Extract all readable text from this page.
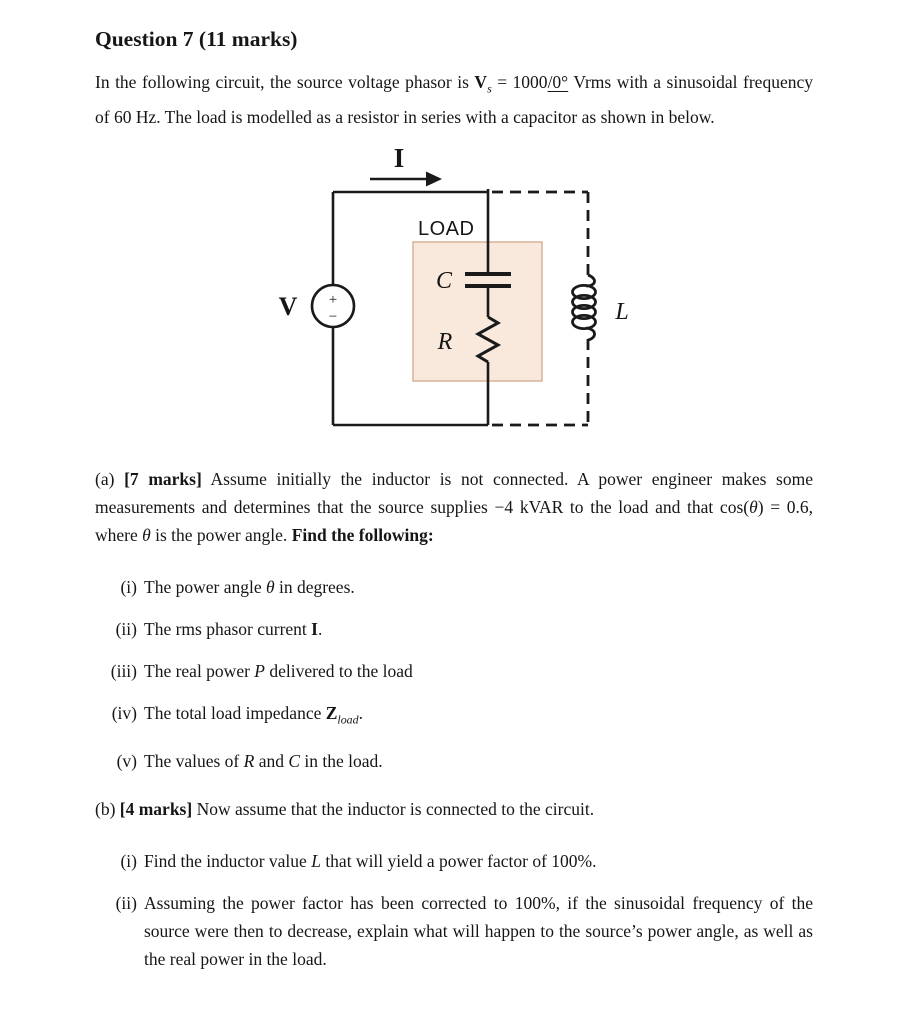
Question 7 (11 marks)

In the following circuit, the source voltage phasor is $V_s = 1000/0^\circ$ Vrms with a sinusoidal frequency of 60 Hz. The load is modelled as a resistor in series with a capacitor as shown in below.

I
+
−
V
LOAD
C
R
L

(a) [7 marks] Assume initially the inductor is not connected. A power engineer makes some measurements and determines that the source supplies −4 kVAR to the load and that cos(θ) = 0.6, where θ is the power angle. Find the following:

(i) The power angle θ in degrees.
(ii) The rms phasor current I.
(iii) The real power P delivered to the load
(iv) The total load impedance $Z_{load}$.
(v) The values of R and C in the load.

(b) [4 marks] Now assume that the inductor is connected to the circuit.

(i) Find the inductor value L that will yield a power factor of 100%.
(ii) Assuming the power factor has been corrected to 100%, if the sinusoidal frequency of the source were then to decrease, explain what will happen to the source’s power angle, as well as the real power in the load.
